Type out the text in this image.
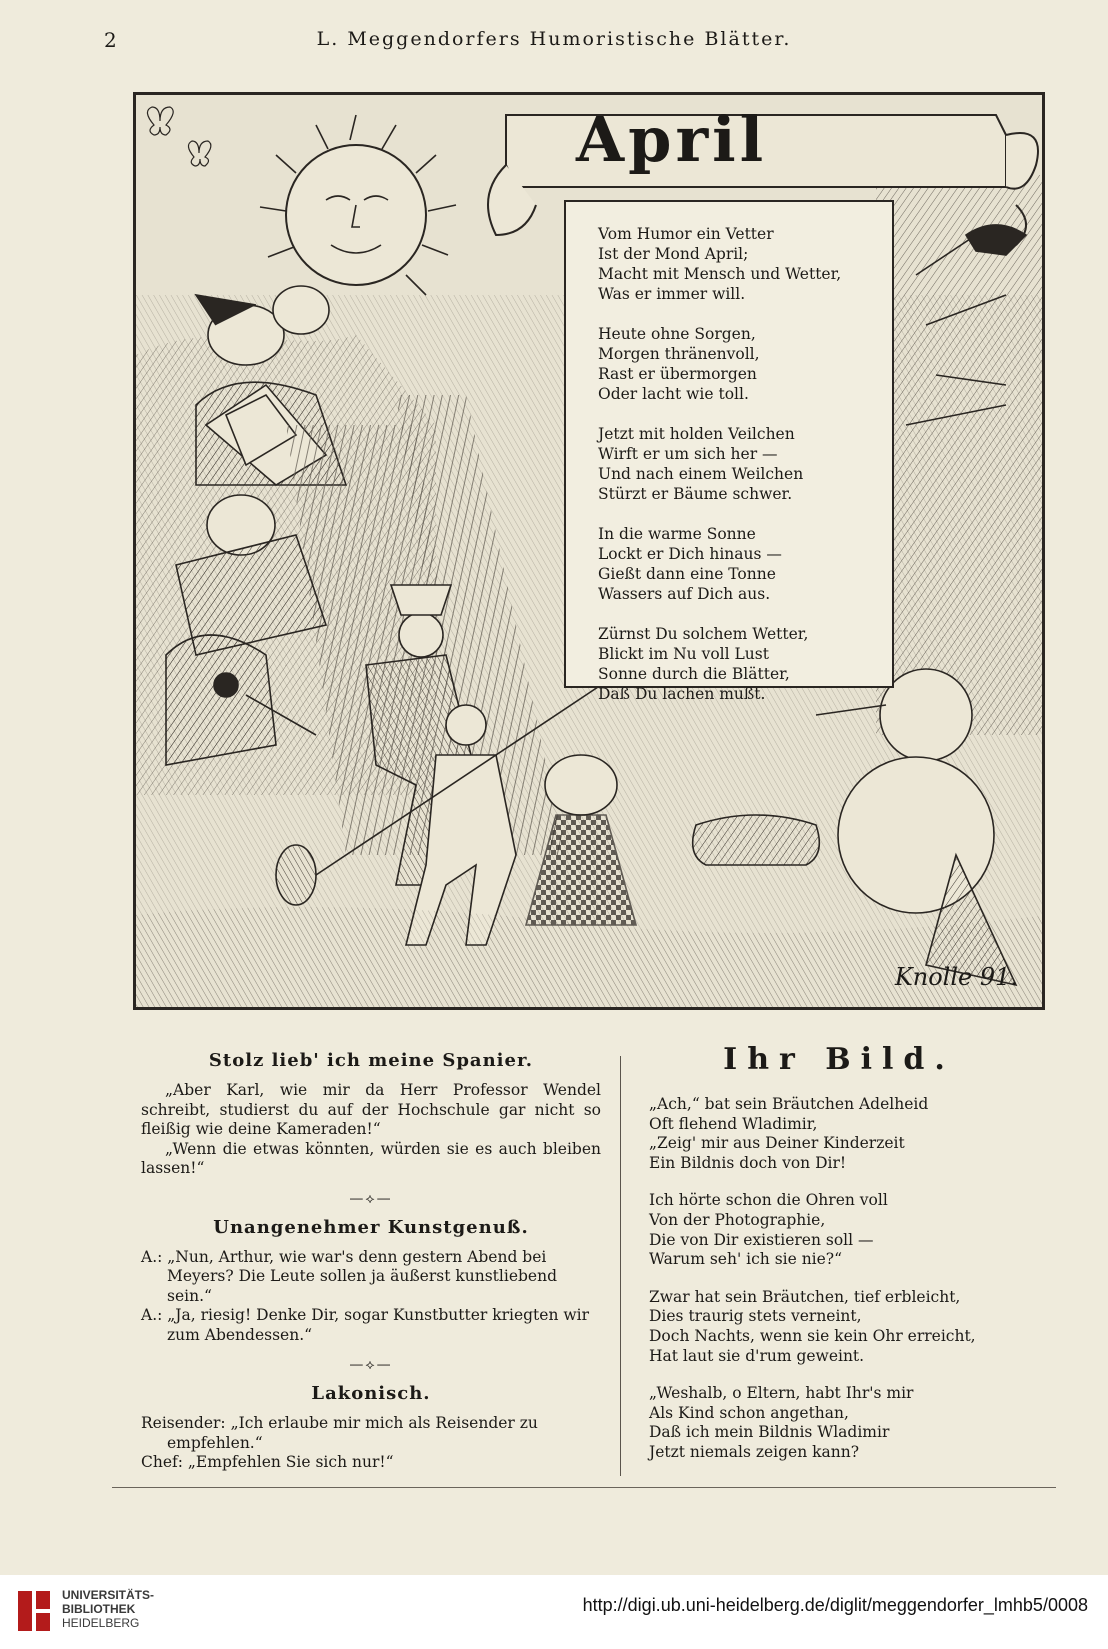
2	L. Meggendorfers Humoristische Blätter.
April
Vom Humor ein Vetter
Ist der Mond April;
Macht mit Mensch und Wetter,
Was er immer will.
Heute ohne Sorgen,
Morgen thränenvoll,
Rast er übermorgen
Oder lacht wie toll.
Jetzt mit holden Veilchen
Wirft er um sich her —
Und nach einem Weilchen
Stürzt er Bäume schwer.
In die warme Sonne
Lockt er Dich hinaus —
Gießt dann eine Tonne
Wassers auf Dich aus.
Zürnst Du solchem Wetter,
Blickt im Nu voll Lust
Sonne durch die Blätter,
Daß Du lachen mußt.
Knolle 91.
Stolz lieb' ich meine Spanier.

„Aber Karl, wie mir da Herr Professor Wendel schreibt, studierst du auf der Hochschule gar nicht so fleißig wie deine Kameraden!“

„Wenn die etwas könnten, würden sie es auch bleiben lassen!“

—⟡—
Unangenehmer Kunstgenuß.

A.: „Nun, Arthur, wie war's denn gestern Abend bei Meyers? Die Leute sollen ja äußerst kunstliebend sein.“

A.: „Ja, riesig! Denke Dir, sogar Kunstbutter kriegten wir zum Abendessen.“

—⟡—
Lakonisch.

Reisender: „Ich erlaube mir mich als Reisender zu empfehlen.“

Chef: „Empfehlen Sie sich nur!“

Ihr Bild.
„Ach,“ bat sein Bräutchen Adelheid
Oft flehend Wladimir,
„Zeig' mir aus Deiner Kinderzeit
Ein Bildnis doch von Dir!
Ich hörte schon die Ohren voll
Von der Photographie,
Die von Dir existieren soll —
Warum seh' ich sie nie?“
Zwar hat sein Bräutchen, tief erbleicht,
Dies traurig stets verneint,
Doch Nachts, wenn sie kein Ohr erreicht,
Hat laut sie d'rum geweint.
„Weshalb, o Eltern, habt Ihr's mir
Als Kind schon angethan,
Daß ich mein Bildnis Wladimir
Jetzt niemals zeigen kann?
UNIVERSITÄTS-
BIBLIOTHEK
HEIDELBERG
http://digi.ub.uni-heidelberg.de/diglit/meggendorfer_lmhb5/0008
